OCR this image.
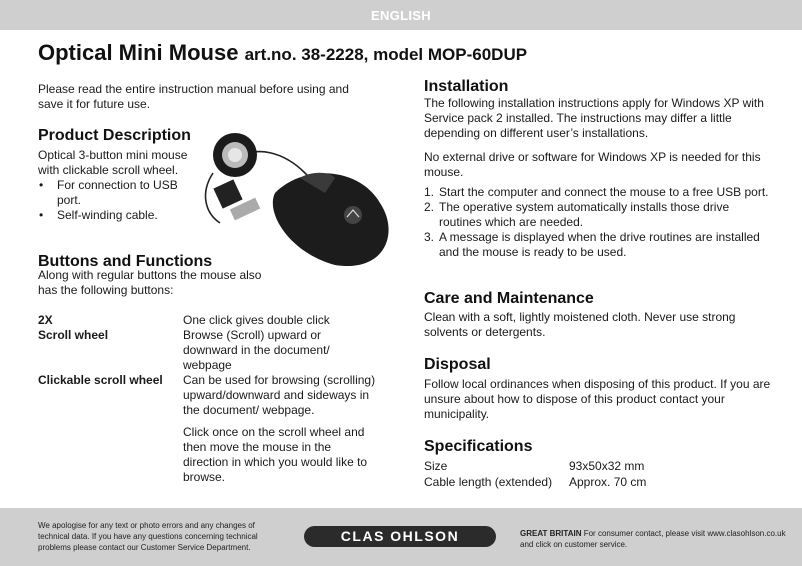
ENGLISH
Optical Mini Mouse art.no. 38-2228, model MOP-60DUP
Please read the entire instruction manual before using and save it for future use.
Product Description

Optical 3-button mini mouse with clickable scroll wheel.

• For connection to USB port.
• Self-winding cable.
Buttons and Functions
Along with regular buttons the mouse also has the following buttons:
2X	One click gives double click
Scroll wheel	Browse (Scroll) upward or downward in the document/ webpage
Clickable scroll wheel	Can be used for browsing (scrolling) upward/downward and sideways in the document/ webpage.
	Click once on the scroll wheel and then move the mouse in the direction in which you would like to browse.
Installation
The following installation instructions apply for Windows XP with Service pack 2 installed. The instructions may differ a little depending on different user’s installations.
No external drive or software for Windows XP is needed for this mouse.
1. Start the computer and connect the mouse to a free USB port.
2. The operative system automatically installs those drive routines which are needed.
3. A message is displayed when the drive routines are installed and the mouse is ready to be used.
Care and Maintenance
Clean with a soft, lightly moistened cloth. Never use strong solvents or detergents.
Disposal
Follow local ordinances when disposing of this product. If you are unsure about how to dispose of this product contact your municipality.
Specifications
Size	93x50x32 mm
Cable length (extended)	Approx. 70 cm
We apologise for any text or photo errors and any changes of technical data. If you have any questions concerning technical problems please contact our Customer Service Department.
CLAS OHLSON	GREAT BRITAIN For consumer contact, please visit www.clasohlson.co.uk and click on customer service.
